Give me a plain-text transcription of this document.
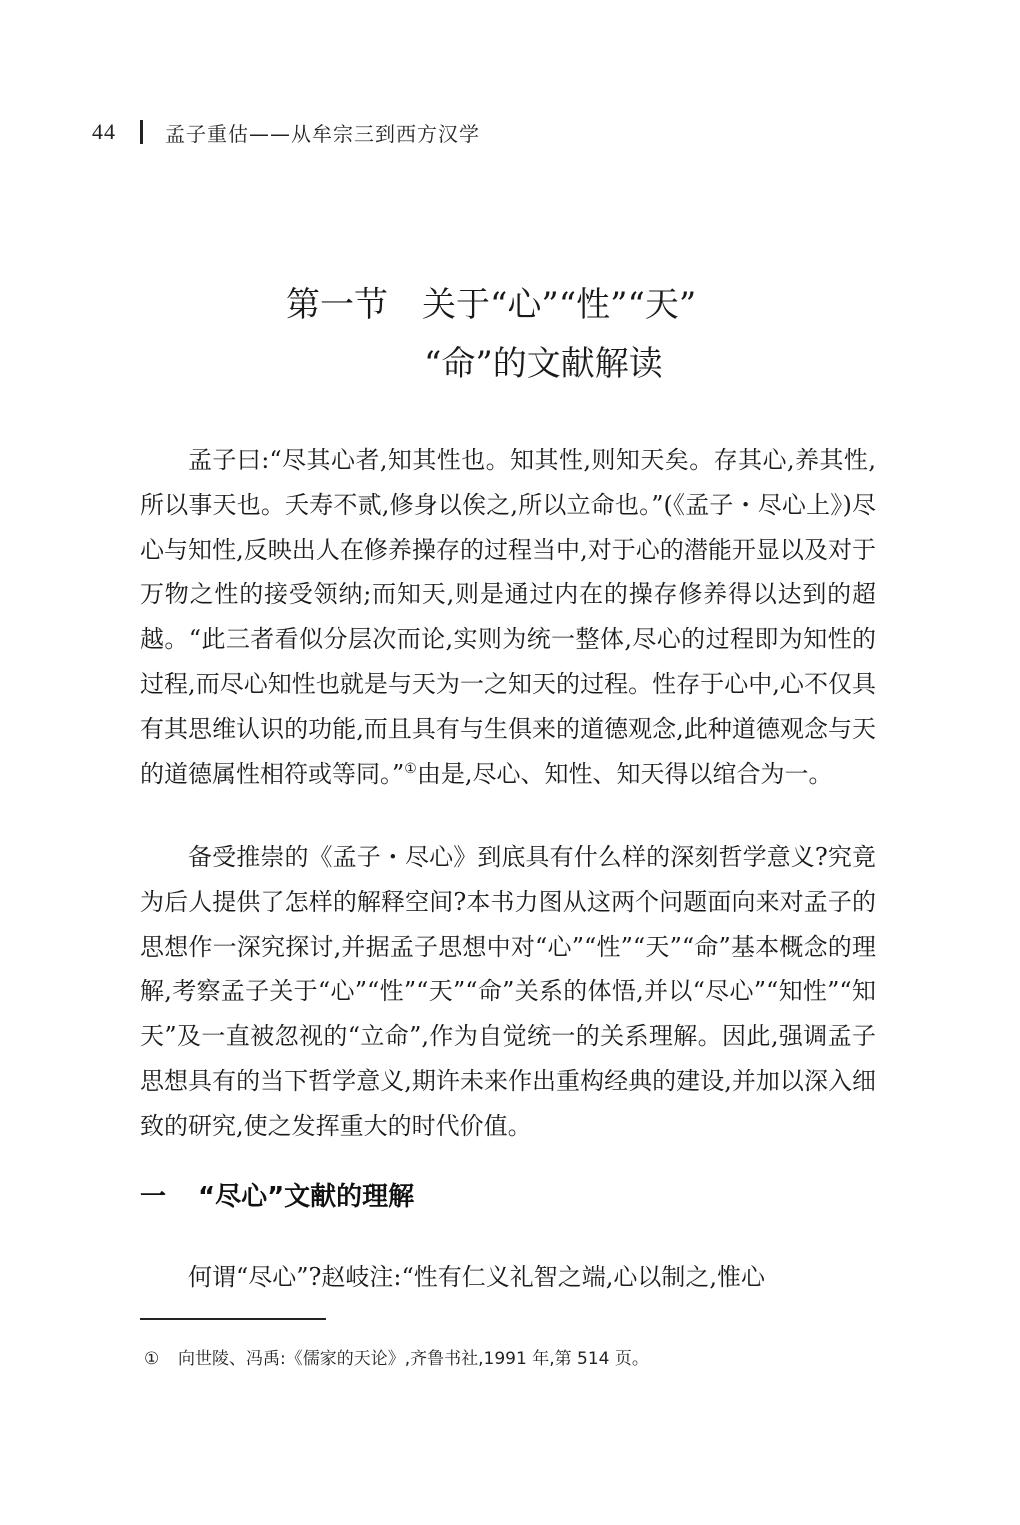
44 孟子重估——从牟宗三到西方汉学
第一节 关于“心”“性”“天”
“命”的文献解读

孟子曰:“尽其心者,知其性也。知其性,则知天矣。存其心,养其性,所以事天也。夭寿不贰,修身以俟之,所以立命也。”(《孟子・尽心上》)尽心与知性,反映出人在修养操存的过程当中,对于心的潜能开显以及对于万物之性的接受领纳;而知天,则是通过内在的操存修养得以达到的超越。“此三者看似分层次而论,实则为统一整体,尽心的过程即为知性的过程,而尽心知性也就是与天为一之知天的过程。性存于心中,心不仅具有其思维认识的功能,而且具有与生俱来的道德观念,此种道德观念与天的道德属性相符或等同。”①由是,尽心、知性、知天得以绾合为一。

备受推崇的《孟子・尽心》到底具有什么样的深刻哲学意义?究竟为后人提供了怎样的解释空间?本书力图从这两个问题面向来对孟子的思想作一深究探讨,并据孟子思想中对“心”“性”“天”“命”基本概念的理解,考察孟子关于“心”“性”“天”“命”关系的体悟,并以“尽心”“知性”“知天”及一直被忽视的“立命”,作为自觉统一的关系理解。因此,强调孟子思想具有的当下哲学意义,期许未来作出重构经典的建设,并加以深入细致的研究,使之发挥重大的时代价值。

一 “尽心”文献的理解

何谓“尽心”?赵岐注:“性有仁义礼智之端,心以制之,惟心

① 向世陵、冯禹:《儒家的天论》,齐鲁书社,1991 年,第 514 页。
